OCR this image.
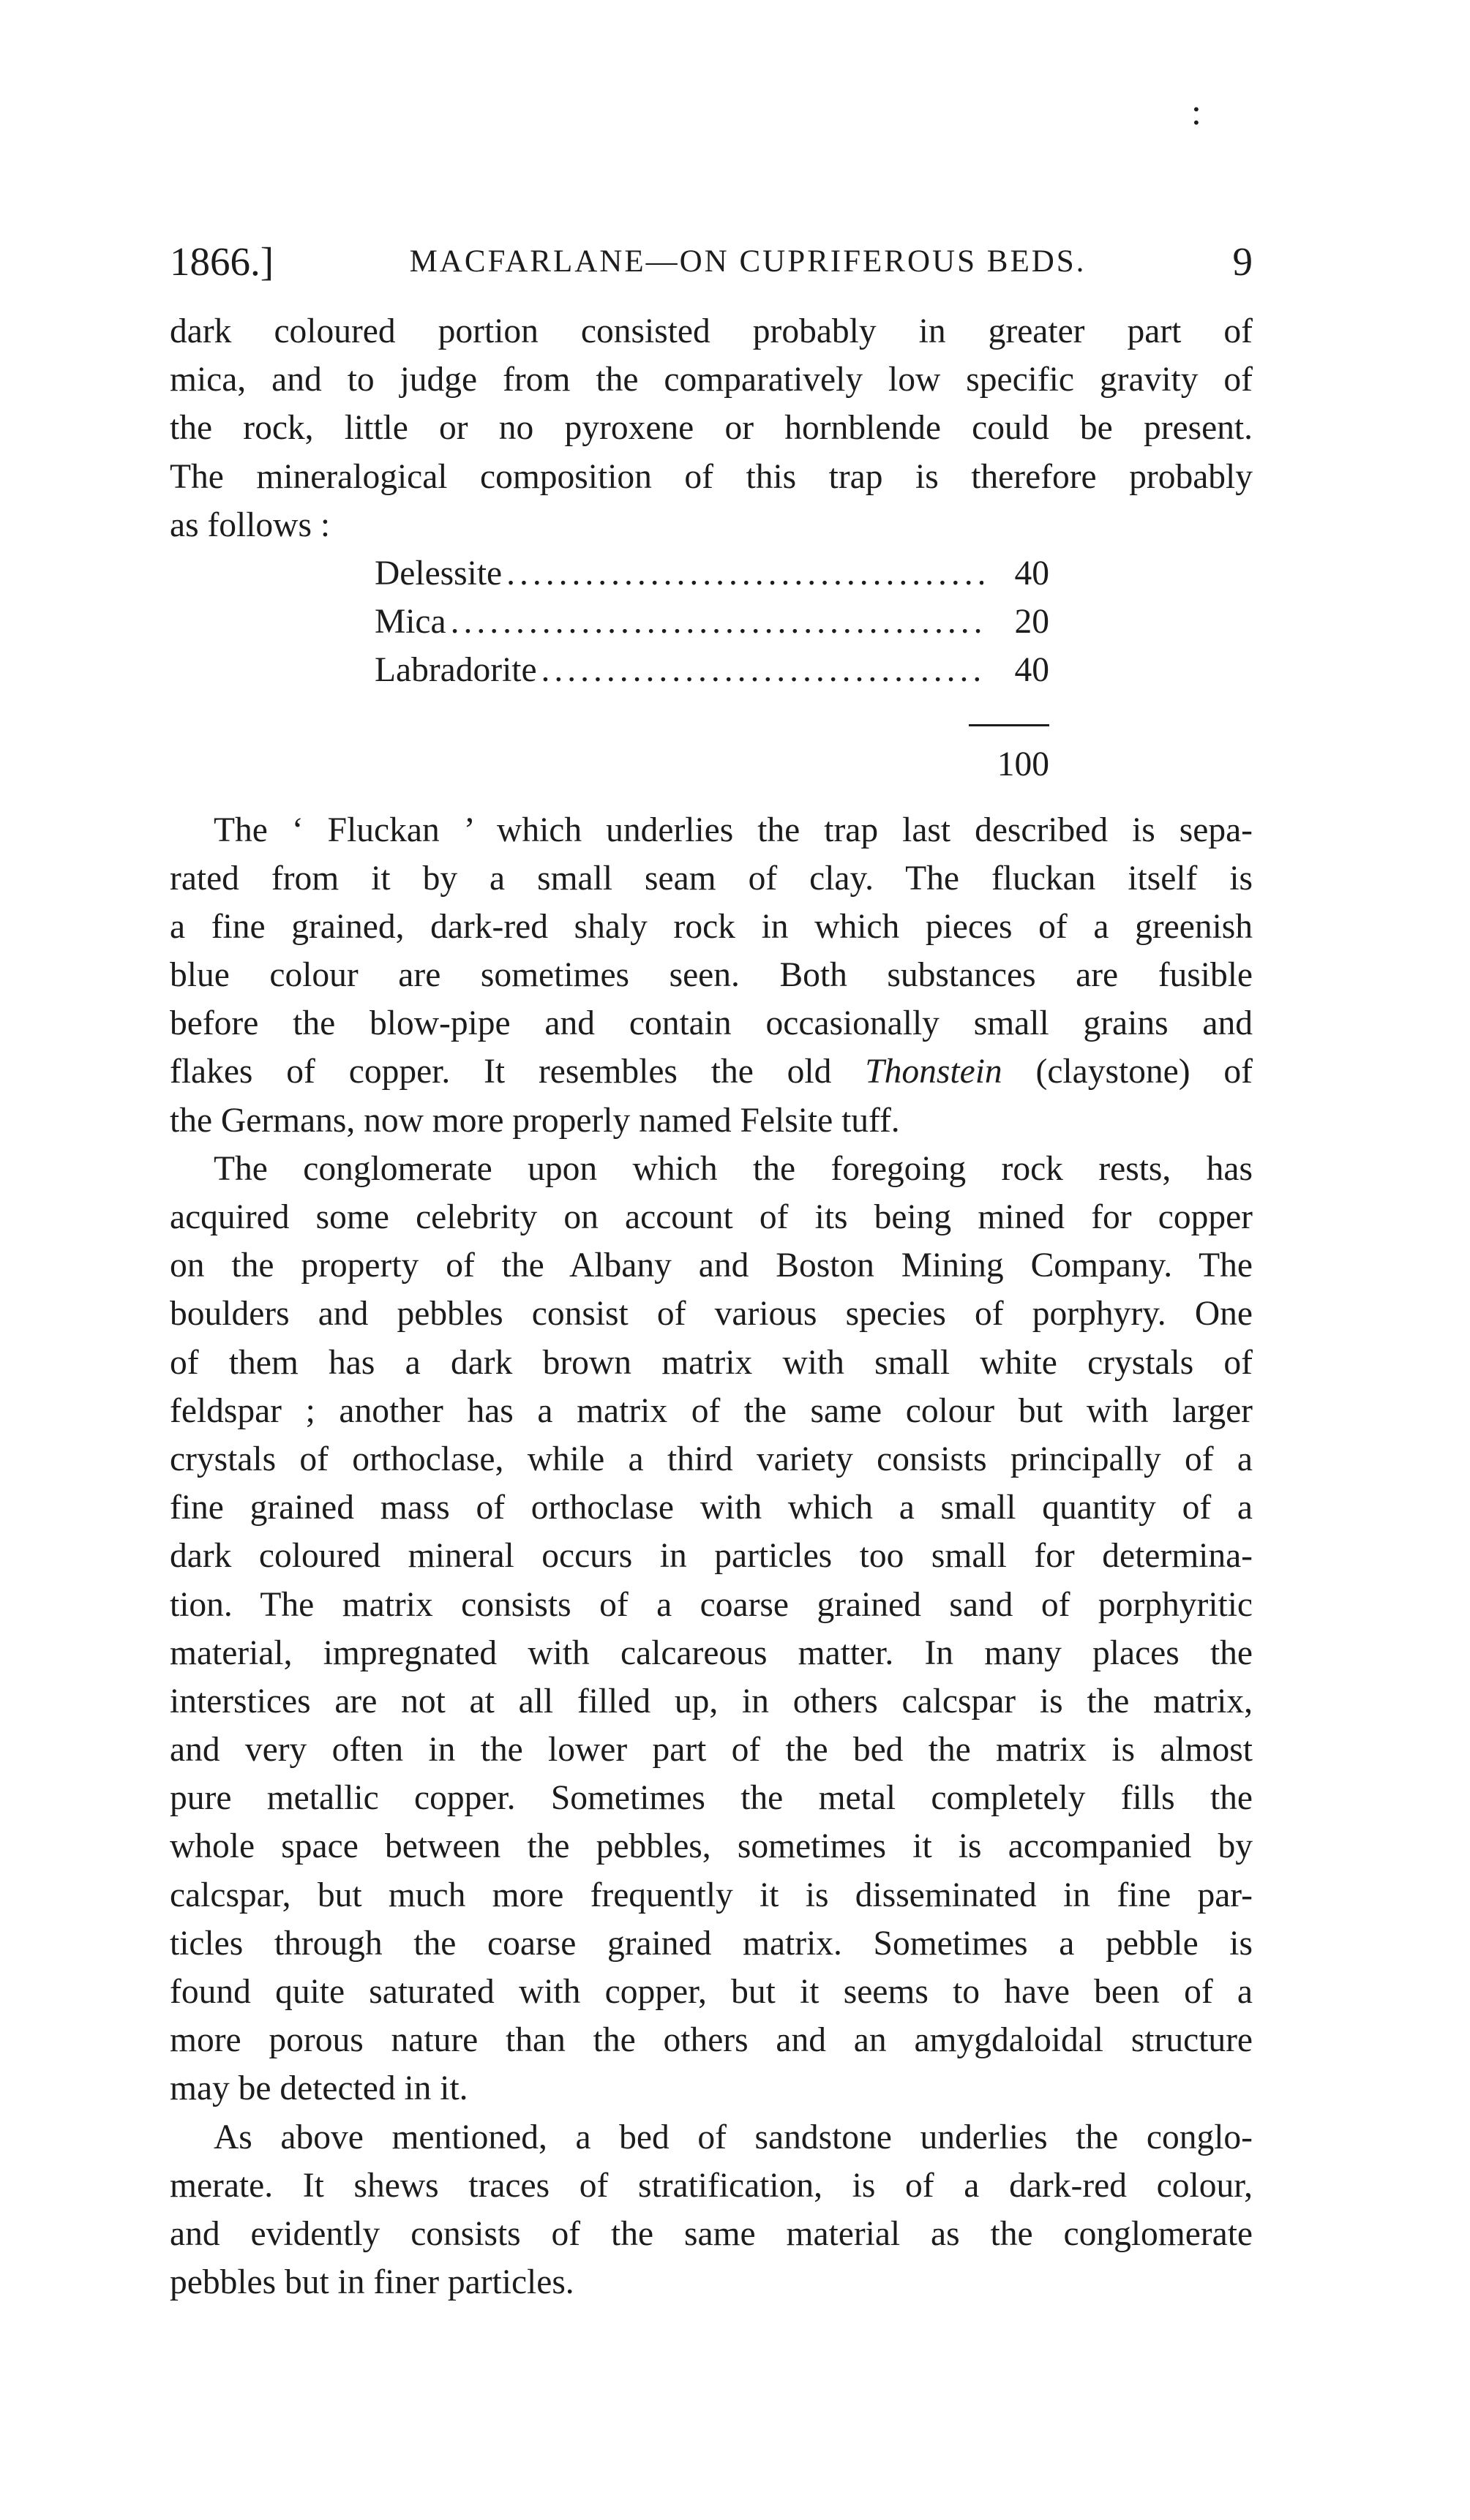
:
1866.]	MACFARLANE—ON CUPRIFEROUS BEDS.	9
dark coloured portion consisted probably in greater part of
mica, and to judge from the comparatively low specific gravity of
the rock, little or no pyroxene or hornblende could be present.
The mineralogical composition of this trap is therefore probably
as follows :
Delessite .....	40
Mica .....	20
Labradorite .....	40
100
The ‘ Fluckan ’ which underlies the trap last described is sepa-
rated from it by a small seam of clay. The fluckan itself is
a fine grained, dark-red shaly rock in which pieces of a greenish
blue colour are sometimes seen. Both substances are fusible
before the blow-pipe and contain occasionally small grains and
flakes of copper. It resembles the old Thonstein (claystone) of
the Germans, now more properly named Felsite tuff.
The conglomerate upon which the foregoing rock rests, has
acquired some celebrity on account of its being mined for copper
on the property of the Albany and Boston Mining Company. The
boulders and pebbles consist of various species of porphyry. One
of them has a dark brown matrix with small white crystals of
feldspar ; another has a matrix of the same colour but with larger
crystals of orthoclase, while a third variety consists principally of a
fine grained mass of orthoclase with which a small quantity of a
dark coloured mineral occurs in particles too small for determina-
tion. The matrix consists of a coarse grained sand of porphyritic
material, impregnated with calcareous matter. In many places the
interstices are not at all filled up, in others calcspar is the matrix,
and very often in the lower part of the bed the matrix is almost
pure metallic copper. Sometimes the metal completely fills the
whole space between the pebbles, sometimes it is accompanied by
calcspar, but much more frequently it is disseminated in fine par-
ticles through the coarse grained matrix. Sometimes a pebble is
found quite saturated with copper, but it seems to have been of a
more porous nature than the others and an amygdaloidal structure
may be detected in it.
As above mentioned, a bed of sandstone underlies the conglo-
merate. It shews traces of stratification, is of a dark-red colour,
and evidently consists of the same material as the conglomerate
pebbles but in finer particles.
